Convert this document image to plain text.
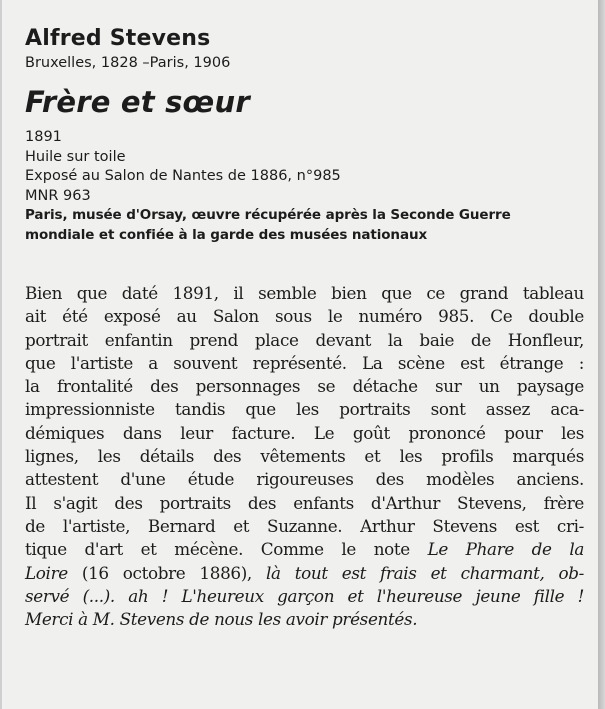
Alfred Stevens
Bruxelles, 1828 –Paris, 1906
Frère et sœur
1891
Huile sur toile
Exposé au Salon de Nantes de 1886, n°985
MNR 963
Paris, musée d'Orsay, œuvre récupérée après la Seconde Guerre
mondiale et confiée à la garde des musées nationaux
Bien que daté 1891, il semble bien que ce grand tableau
ait été exposé au Salon sous le numéro 985. Ce double
portrait enfantin prend place devant la baie de Honfleur,
que l'artiste a souvent représenté. La scène est étrange :
la frontalité des personnages se détache sur un paysage
impressionniste tandis que les portraits sont assez aca-
démiques dans leur facture. Le goût prononcé pour les
lignes, les détails des vêtements et les profils marqués
attestent d'une étude rigoureuses des modèles anciens.
Il s'agit des portraits des enfants d'Arthur Stevens, frère
de l'artiste, Bernard et Suzanne. Arthur Stevens est cri-
tique d'art et mécène. Comme le note Le Phare de la
Loire (16 octobre 1886), là tout est frais et charmant, ob-
servé (...). ah ! L'heureux garçon et l'heureuse jeune fille !
Merci à M. Stevens de nous les avoir présentés.
